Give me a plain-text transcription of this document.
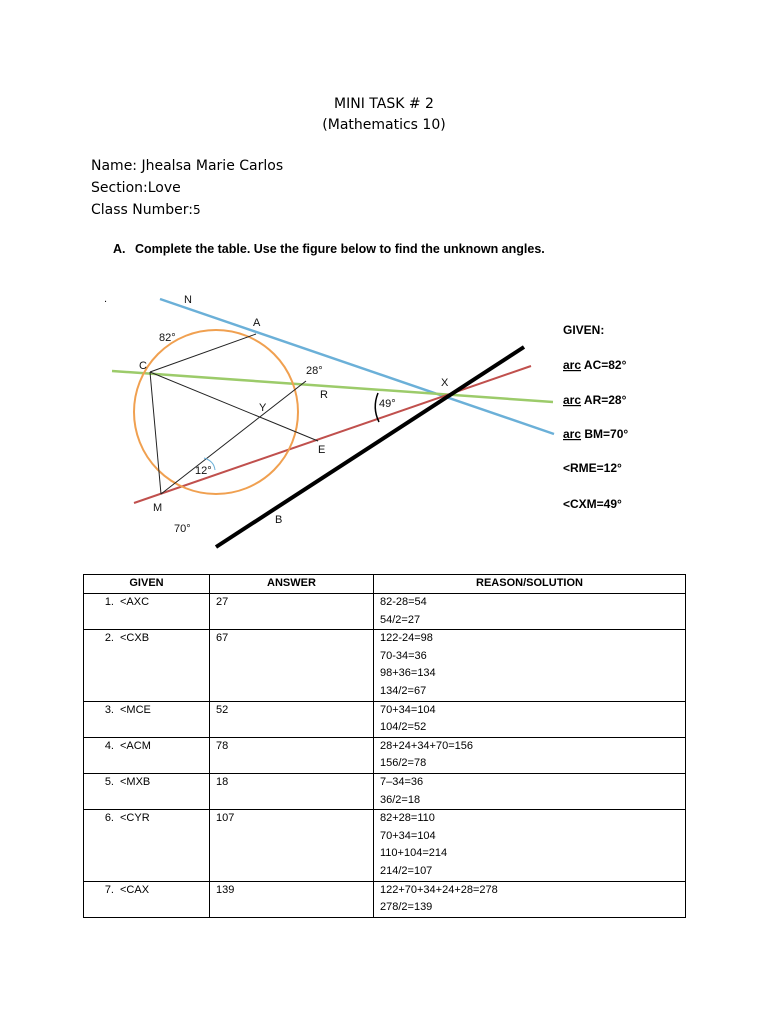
MINI TASK # 2
(Mathematics 10)
Name: Jhealsa Marie Carlos
Section:Love
Class Number:5
A. Complete the table. Use the figure below to find the unknown angles.
.	N
A
C
R
Y
E
M
B
X
82°
28°
49°
12°
70°
GIVEN:
arc AC=82°
arc AR=28°
arc BM=70°
<RME=12°
<CXM=49°
GIVEN	ANSWER	REASON/SOLUTION
1. <AXC	27	82-28=54
54/2=27

2. <CXB	67	122-24=98
70-34=36
98+36=134
134/2=67

3. <MCE	52	70+34=104
104/2=52

4. <ACM	78	28+24+34+70=156
156/2=78

5. <MXB	18	7–34=36
36/2=18

6. <CYR	107	82+28=110
70+34=104
110+104=214
214/2=107

7. <CAX	139	122+70+34+24+28=278
278/2=139
